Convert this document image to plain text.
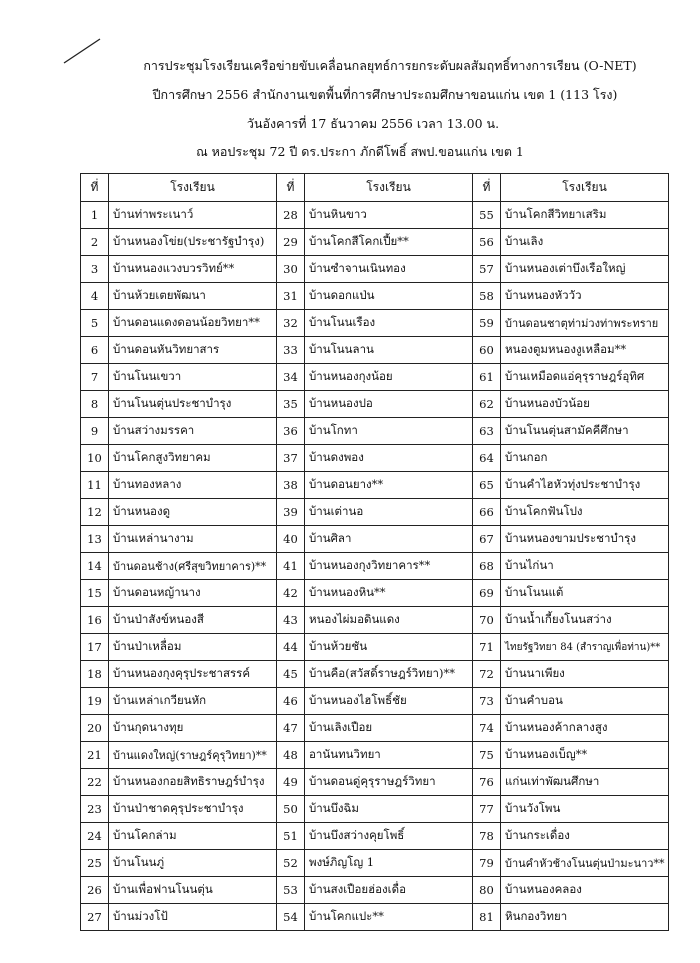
การประชุมโรงเรียนเครือข่ายขับเคลื่อนกลยุทธ์การยกระดับผลสัมฤทธิ์ทางการเรียน (O-NET)
ปีการศึกษา 2556 สำนักงานเขตพื้นที่การศึกษาประถมศึกษาขอนแก่น เขต 1 (113 โรง)
วันอังคารที่ 17 ธันวาคม 2556 เวลา 13.00 น.
ณ หอประชุม 72 ปี ดร.ประกา ภักดีโพธิ์ สพป.ขอนแก่น เขต 1
ที่	โรงเรียน	ที่	โรงเรียน	ที่	โรงเรียน
1	บ้านท่าพระเนาว์	28	บ้านหินขาว	55	บ้านโคกสีวิทยาเสริม
2	บ้านหนองโข่ย(ประชารัฐบำรุง)	29	บ้านโคกสีโคกเปี้ย**	56	บ้านเลิง
3	บ้านหนองแวงบวรวิทย์**	30	บ้านซำจานเนินทอง	57	บ้านหนองเต่าบึงเรือใหญ่
4	บ้านห้วยเตยพัฒนา	31	บ้านดอกแป่น	58	บ้านหนองหัววัว
5	บ้านดอนแดงดอนน้อยวิทยา**	32	บ้านโนนเรือง	59	บ้านดอนชาตุท่าม่วงท่าพระทราย
6	บ้านดอนหันวิทยาสาร	33	บ้านโนนลาน	60	หนองตูมหนองงูเหลือม**
7	บ้านโนนเขวา	34	บ้านหนองกุงน้อย	61	บ้านเหมือดแอ่คุรุราษฎร์อุทิศ
8	บ้านโนนตุ่นประชาบำรุง	35	บ้านหนองปอ	62	บ้านหนองบัวน้อย
9	บ้านสว่างมรรคา	36	บ้านโกทา	63	บ้านโนนตุ่นสามัคคีศึกษา
10	บ้านโคกสูงวิทยาคม	37	บ้านดงพอง	64	บ้านกอก
11	บ้านทองหลาง	38	บ้านดอนยาง**	65	บ้านคำไฮหัวทุ่งประชาบำรุง
12	บ้านหนองดู	39	บ้านเต่านอ	66	บ้านโคกฟันโปง
13	บ้านเหล่านางาม	40	บ้านศิลา	67	บ้านหนองขามประชาบำรุง
14	บ้านดอนช้าง(ศรีสุขวิทยาคาร)**	41	บ้านหนองกุงวิทยาคาร**	68	บ้านไก่นา
15	บ้านดอนหญ้านาง	42	บ้านหนองหิน**	69	บ้านโนนแต้
16	บ้านป่าสังข์หนองสี	43	หนองไผ่มอดินแดง	70	บ้านน้ำเกี้ยงโนนสว่าง
17	บ้านป่าเหลื่อม	44	บ้านห้วยชัน	71	ไทยรัฐวิทยา 84 (สำราญเพื่อท่าน)**
18	บ้านหนองกุงคุรุประชาสรรค์	45	บ้านคือ(สวัสดิ์ราษฎร์วิทยา)**	72	บ้านนาเพียง
19	บ้านเหล่าเกวียนหัก	46	บ้านหนองไฮโพธิ์ชัย	73	บ้านคำบอน
20	บ้านกุดนางทุย	47	บ้านเลิงเปือย	74	บ้านหนองค้ากลางสูง
21	บ้านแดงใหญ่(ราษฎร์คุรุวิทยา)**	48	อานันทนวิทยา	75	บ้านหนองเบ็ญ**
22	บ้านหนองกอยสิทธิราษฎร์บำรุง	49	บ้านดอนดู่คุรุราษฎร์วิทยา	76	แก่นเท่าพัฒนศึกษา
23	บ้านป่าชาดคุรุประชาบำรุง	50	บ้านบึงฉิม	77	บ้านวังโพน
24	บ้านโคกล่าม	51	บ้านบึงสว่างคุยโพธิ์	78	บ้านกระเดื่อง
25	บ้านโนนภู่	52	พงษ์ภิญโญ 1	79	บ้านคำหัวช้างโนนตุ่นป่ามะนาว**
26	บ้านเพื่อฟานโนนตุ่น	53	บ้านสงเปือยฮ่องเดื่อ	80	บ้านหนองคลอง
27	บ้านม่วงโป้	54	บ้านโคกแปะ**	81	หินกองวิทยา
